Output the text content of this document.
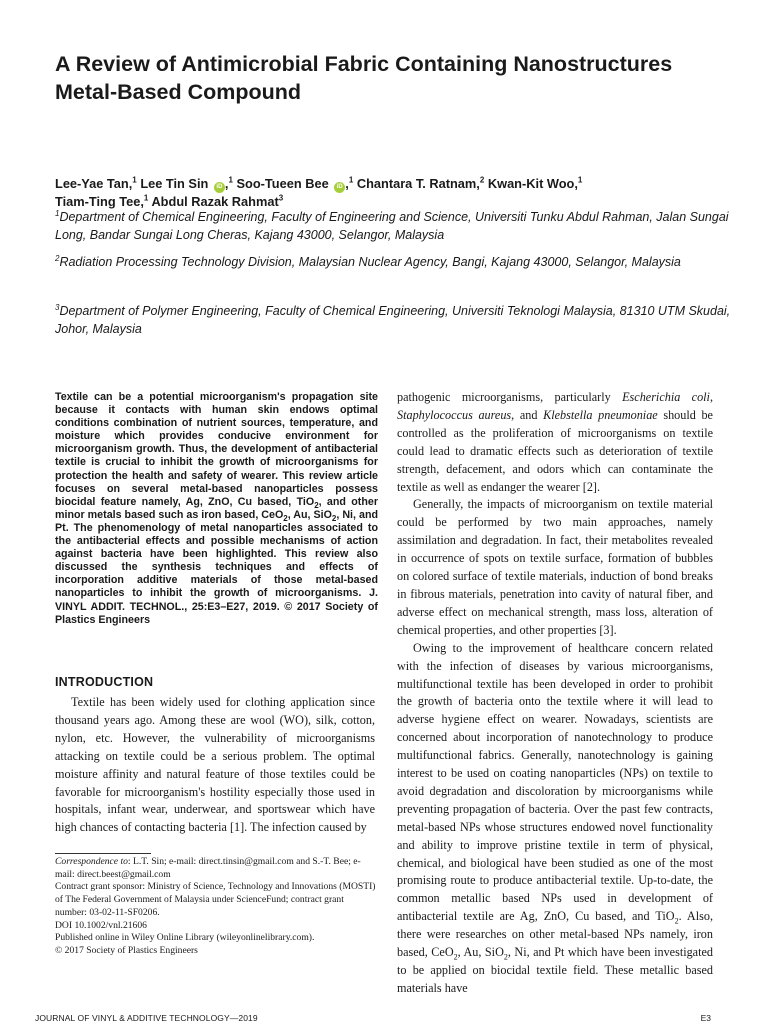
A Review of Antimicrobial Fabric Containing Nanostructures Metal-Based Compound
Lee-Yae Tan,$^1$ Lee Tin Sin iD ,$^1$ Soo-Tueen Bee iD ,$^1$ Chantara T. Ratnam,$^2$ Kwan-Kit Woo,$^1$
Tiam-Ting Tee,$^1$ Abdul Razak Rahmat$^3$
$^1$Department of Chemical Engineering, Faculty of Engineering and Science, Universiti Tunku Abdul Rahman, Jalan Sungai Long, Bandar Sungai Long Cheras, Kajang 43000, Selangor, Malaysia
$^2$Radiation Processing Technology Division, Malaysian Nuclear Agency, Bangi, Kajang 43000, Selangor, Malaysia
$^3$Department of Polymer Engineering, Faculty of Chemical Engineering, Universiti Teknologi Malaysia, 81310 UTM Skudai, Johor, Malaysia

Textile can be a potential microorganism's propagation site because it contacts with human skin endows optimal conditions combination of nutrient sources, temperature, and moisture which provides conducive environment for microorganism growth. Thus, the development of antibacterial textile is crucial to inhibit the growth of microorganisms for protection the health and safety of wearer. This review article focuses on several metal-based nanoparticles possess biocidal feature namely, Ag, ZnO, Cu based, TiO$_2$, and other minor metals based such as iron based, CeO$_2$, Au, SiO$_2$, Ni, and Pt. The phenomenology of metal nanoparticles associated to the antibacterial effects and possible mechanisms of action against bacteria have been highlighted. This review also discussed the synthesis techniques and effects of incorporation additive materials of those metal-based nanoparticles to inhibit the growth of microorganisms. J. VINYL ADDIT. TECHNOL., 25:E3–E27, 2019. © 2017 Society of Plastics Engineers

INTRODUCTION

Textile has been widely used for clothing application since thousand years ago. Among these are wool (WO), silk, cotton, nylon, etc. However, the vulnerability of microorganisms attacking on textile could be a serious problem. The optimal moisture affinity and natural feature of those textiles could be favorable for microorganism's hostility especially those used in hospitals, infant wear, underwear, and sportswear which have high chances of contacting bacteria [1]. The infection caused by

pathogenic microorganisms, particularly Escherichia coli, Staphylococcus aureus, and Klebstella pneumoniae should be controlled as the proliferation of microorganisms on textile could lead to dramatic effects such as deterioration of textile strength, defacement, and odors which can contaminate the textile as well as endanger the wearer [2].

Generally, the impacts of microorganism on textile material could be performed by two main approaches, namely assimilation and degradation. In fact, their metabolites revealed in occurrence of spots on textile surface, formation of bubbles on colored surface of textile materials, induction of bond breaks in fibrous materials, penetration into cavity of natural fiber, and adverse effect on mechanical strength, mass loss, alteration of chemical properties, and other properties [3].

Owing to the improvement of healthcare concern related with the infection of diseases by various microorganisms, multifunctional textile has been developed in order to prohibit the growth of bacteria onto the textile where it will lead to adverse hygiene effect on wearer. Nowadays, scientists are concerned about incorporation of nanotechnology to produce multifunctional fabrics. Generally, nanotechnology is gaining interest to be used on coating nanoparticles (NPs) on textile to avoid degradation and discoloration by microorganisms while preventing propagation of bacteria. Over the past few contracts, metal-based NPs whose structures endowed novel functionality and ability to improve pristine textile in term of physical, chemical, and biological have been studied as one of the most promising route to produce antibacterial textile. Up-to-date, the common metallic based NPs used in development of antibacterial textile are Ag, ZnO, Cu based, and TiO$_2$. Also, there were researches on other metal-based NPs namely, iron based, CeO$_2$, Au, SiO$_2$, Ni, and Pt which have been investigated to be applied on biocidal textile field. These metallic based materials have

Correspondence to: L.T. Sin; e-mail: direct.tinsin@gmail.com and S.-T. Bee; e-mail: direct.beest@gmail.com
Contract grant sponsor: Ministry of Science, Technology and Innovations (MOSTI) of The Federal Government of Malaysia under ScienceFund; contract grant number: 03-02-11-SF0206.
DOI 10.1002/vnl.21606
Published online in Wiley Online Library (wileyonlinelibrary.com).
© 2017 Society of Plastics Engineers
JOURNAL OF VINYL & ADDITIVE TECHNOLOGY—2019	E3
